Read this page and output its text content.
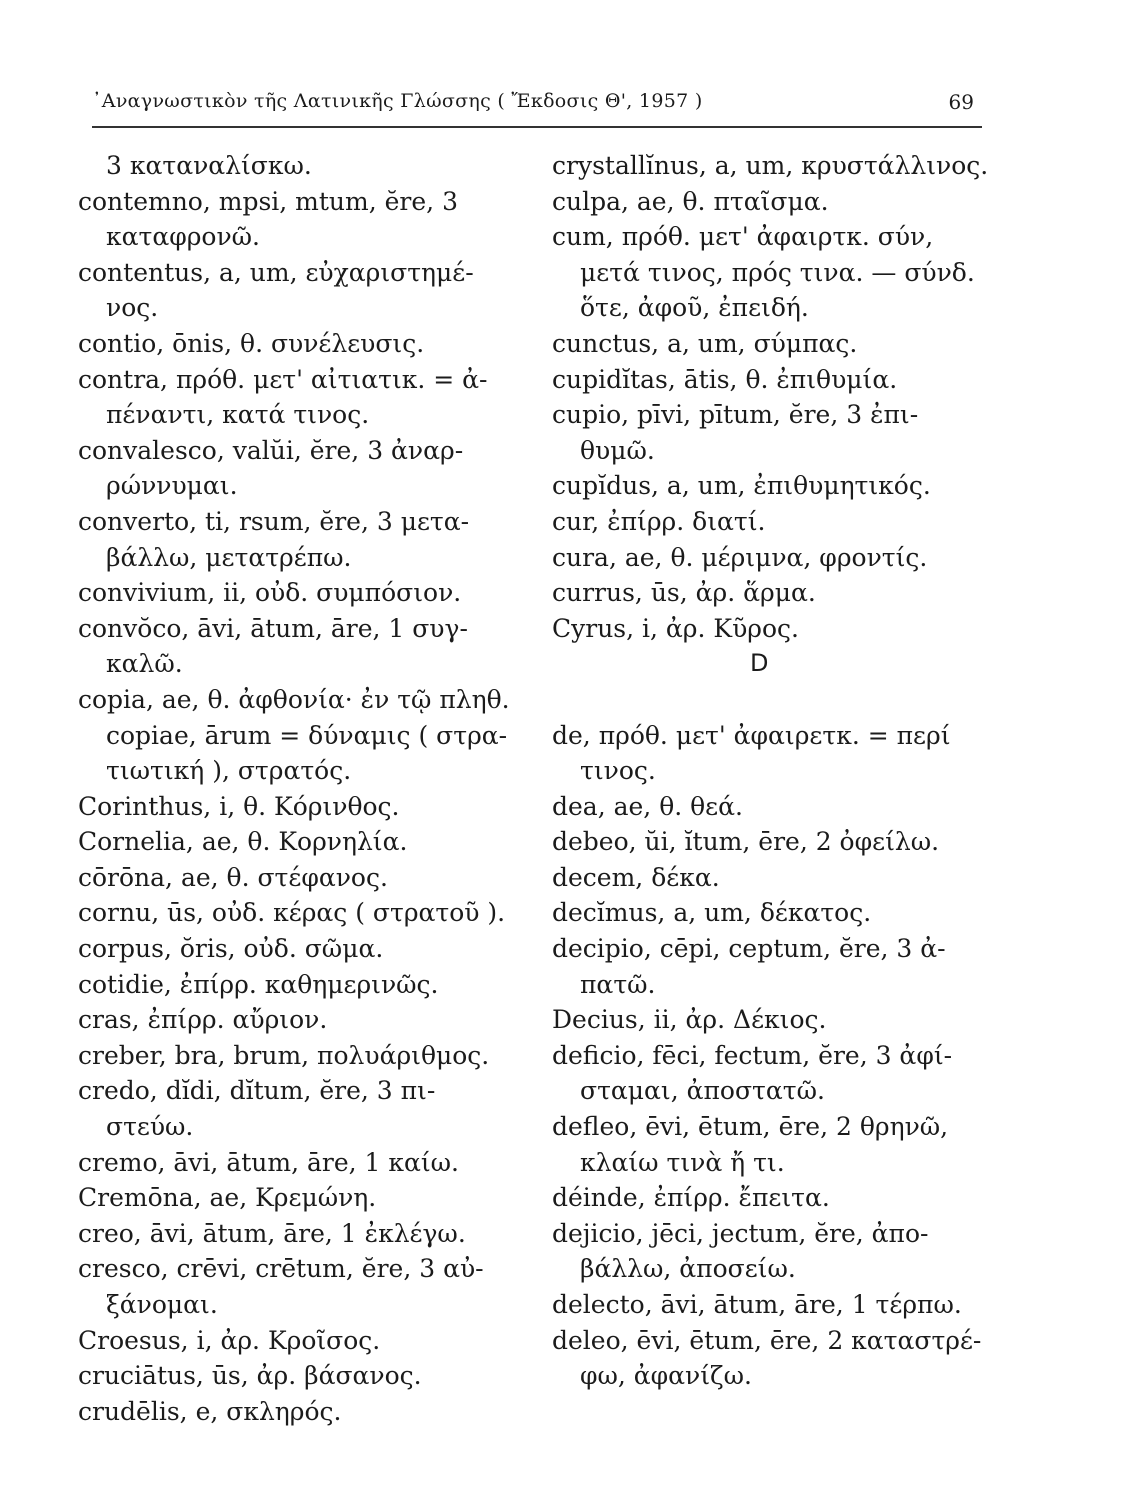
᾿Αναγνωστικὸν τῆς Λατινικῆς Γλώσσης ( Ἔκδοσις Θ', 1957 )	69
3 καταναλίσκω.
contemno, mpsi, mtum, ĕre, 3
καταφρονῶ.
contentus, a, um, εὐχαριστημέ-
νος.
contio, ōnis, θ. συνέλευσις.
contra, πρόθ. μετ' αἰτιατικ. = ἀ-
πέναντι, κατά τινος.
convalesco, valŭi, ĕre, 3 ἀναρ-
ρώννυμαι.
converto, ti, rsum, ĕre, 3 μετα-
βάλλω, μετατρέπω.
convivium, ii, οὐδ. συμπόσιον.
convŏco, āvi, ātum, āre, 1 συγ-
καλῶ.
copia, ae, θ. ἀφθονία· ἐν τῷ πληθ.
copiae, ārum = δύναμις ( στρα-
τιωτική ), στρατός.
Corinthus, i, θ. Κόρινθος.
Cornelia, ae, θ. Κορνηλία.
cōrōna, ae, θ. στέφανος.
cornu, ūs, οὐδ. κέρας ( στρατοῦ ).
corpus, ŏris, οὐδ. σῶμα.
cotidie, ἐπίρρ. καθημερινῶς.
cras, ἐπίρρ. αὔριον.
creber, bra, brum, πολυάριθμος.
credo, dĭdi, dĭtum, ĕre, 3 πι-
στεύω.
cremo, āvi, ātum, āre, 1 καίω.
Cremōna, ae, Κρεμώνη.
creo, āvi, ātum, āre, 1 ἐκλέγω.
cresco, crēvi, crētum, ĕre, 3 αὐ-
ξάνομαι.
Croesus, i, ἀρ. Κροῖσος.
cruciātus, ūs, ἀρ. βάσανος.
crudēlis, e, σκληρός.
crystallĭnus, a, um, κρυστάλλινος.
culpa, ae, θ. πταῖσμα.
cum, πρόθ. μετ' ἀφαιρτκ. σύν,
μετά τινος, πρός τινα. — σύνδ.
ὅτε, ἀφοῦ, ἐπειδή.
cunctus, a, um, σύμπας.
cupidĭtas, ātis, θ. ἐπιθυμία.
cupio, pīvi, pītum, ĕre, 3 ἐπι-
θυμῶ.
cupĭdus, a, um, ἐπιθυμητικός.
cur, ἐπίρρ. διατί.
cura, ae, θ. μέριμνα, φροντίς.
currus, ūs, ἀρ. ἅρμα.
Cyrus, i, ἀρ. Κῦρος.
D
de, πρόθ. μετ' ἀφαιρετκ. = περί
τινος.
dea, ae, θ. θεά.
debeo, ŭi, ĭtum, ēre, 2 ὀφείλω.
decem, δέκα.
decĭmus, a, um, δέκατος.
decipio, cēpi, ceptum, ĕre, 3 ἀ-
πατῶ.
Decius, ii, ἀρ. Δέκιος.
deficio, fēci, fectum, ĕre, 3 ἀφί-
σταμαι, ἀποστατῶ.
defleo, ēvi, ētum, ēre, 2 θρηνῶ,
κλαίω τινὰ ἤ τι.
déinde, ἐπίρρ. ἔπειτα.
dejicio, jēci, jectum, ĕre, ἀπο-
βάλλω, ἀποσείω.
delecto, āvi, ātum, āre, 1 τέρπω.
deleo, ēvi, ētum, ēre, 2 καταστρέ-
φω, ἀφανίζω.
